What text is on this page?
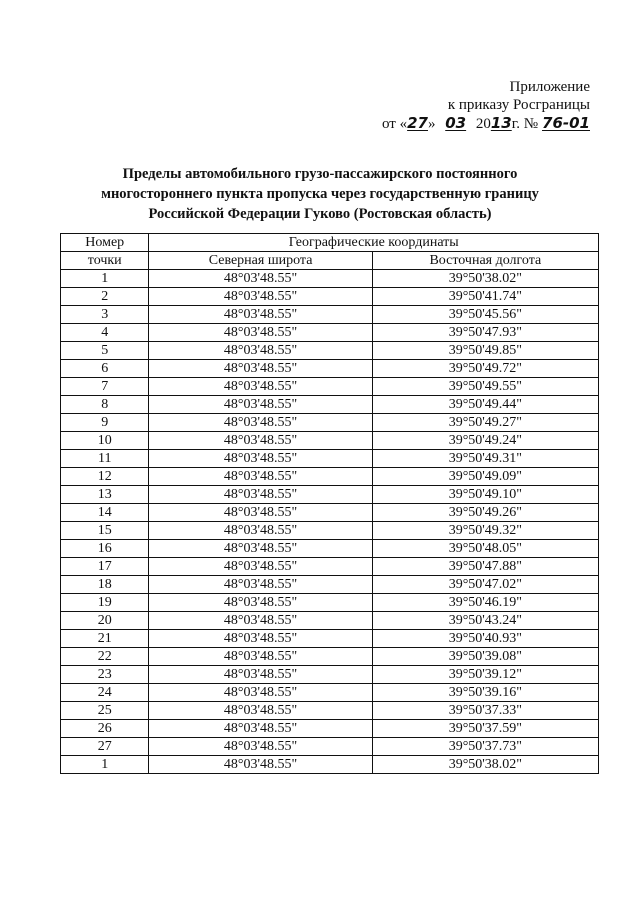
Приложение
к приказу Росграницы
от «27» 03 2013г. № 76-01
Пределы автомобильного грузо-пассажирского постоянного
многостороннего пункта пропуска через государственную границу
Российской Федерации Гуково (Ростовская область)
Номер	Географические координаты	
точки	Северная широта	Восточная долгота
1	48°03'48.55"	39°50'38.02"
2	48°03'48.55"	39°50'41.74"
3	48°03'48.55"	39°50'45.56"
4	48°03'48.55"	39°50'47.93"
5	48°03'48.55"	39°50'49.85"
6	48°03'48.55"	39°50'49.72"
7	48°03'48.55"	39°50'49.55"
8	48°03'48.55"	39°50'49.44"
9	48°03'48.55"	39°50'49.27"
10	48°03'48.55"	39°50'49.24"
11	48°03'48.55"	39°50'49.31"
12	48°03'48.55"	39°50'49.09"
13	48°03'48.55"	39°50'49.10"
14	48°03'48.55"	39°50'49.26"
15	48°03'48.55"	39°50'49.32"
16	48°03'48.55"	39°50'48.05"
17	48°03'48.55"	39°50'47.88"
18	48°03'48.55"	39°50'47.02"
19	48°03'48.55"	39°50'46.19"
20	48°03'48.55"	39°50'43.24"
21	48°03'48.55"	39°50'40.93"
22	48°03'48.55"	39°50'39.08"
23	48°03'48.55"	39°50'39.12"
24	48°03'48.55"	39°50'39.16"
25	48°03'48.55"	39°50'37.33"
26	48°03'48.55"	39°50'37.59"
27	48°03'48.55"	39°50'37.73"
1	48°03'48.55"	39°50'38.02"
